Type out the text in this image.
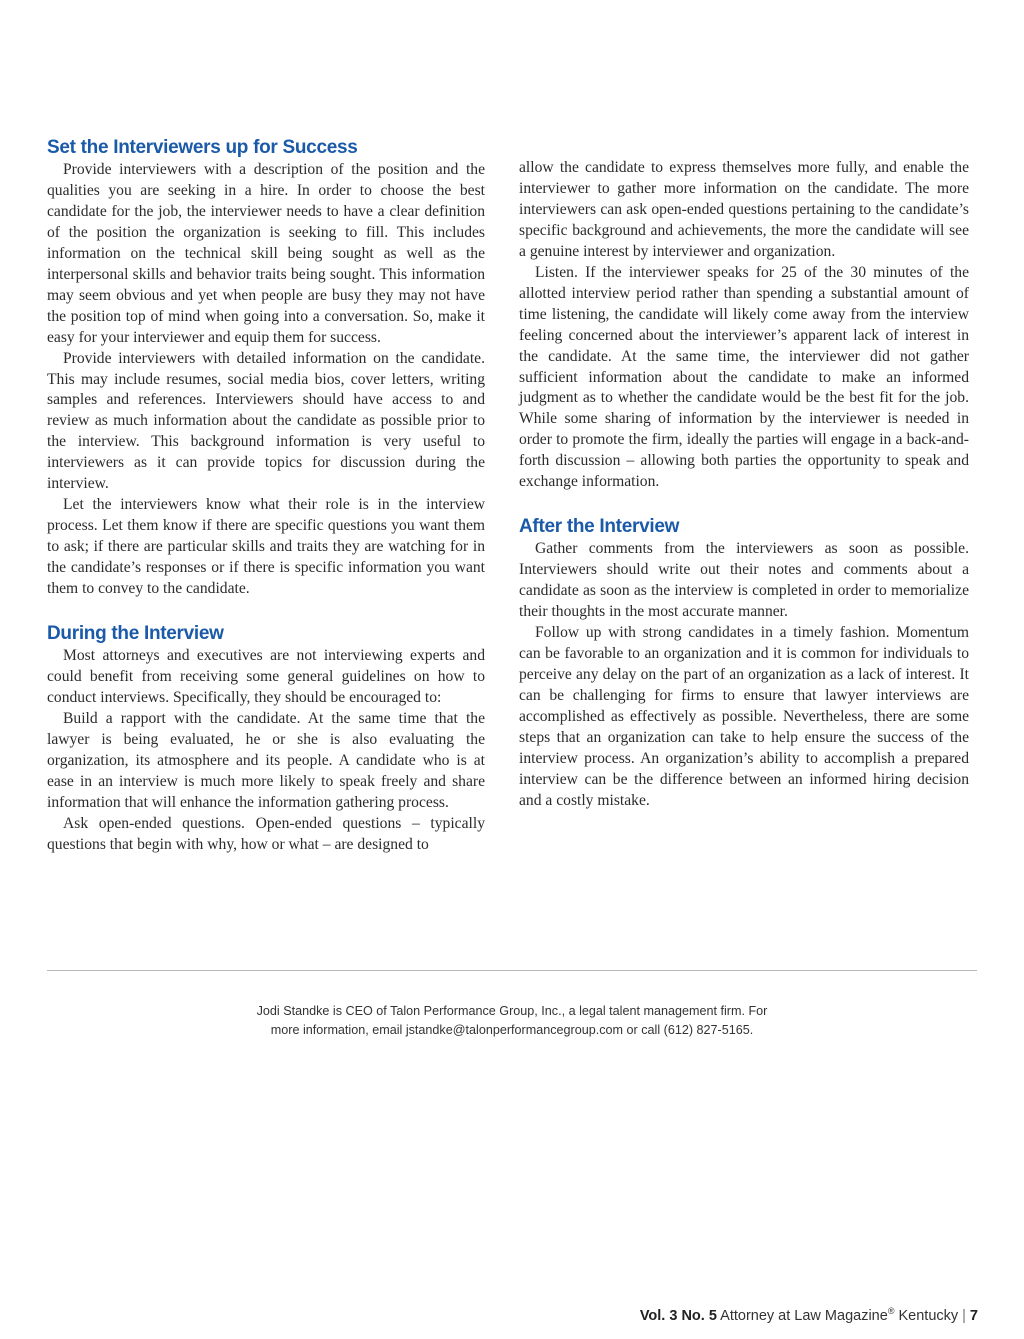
Set the Interviewers up for Success

Provide interviewers with a description of the position and the qualities you are seeking in a hire. In order to choose the best candidate for the job, the interviewer needs to have a clear definition of the position the organization is seeking to fill. This includes information on the technical skill being sought as well as the interpersonal skills and behavior traits being sought. This information may seem obvious and yet when people are busy they may not have the position top of mind when going into a conversation. So, make it easy for your interviewer and equip them for success.

Provide interviewers with detailed information on the candidate. This may include resumes, social media bios, cover letters, writing samples and references. Interviewers should have access to and review as much information about the candidate as possible prior to the interview. This background information is very useful to interviewers as it can provide topics for discussion during the interview.

Let the interviewers know what their role is in the interview process. Let them know if there are specific questions you want them to ask; if there are particular skills and traits they are watching for in the candidate’s responses or if there is specific information you want them to convey to the candidate.

During the Interview

Most attorneys and executives are not interviewing experts and could benefit from receiving some general guidelines on how to conduct interviews. Specifically, they should be encouraged to:

Build a rapport with the candidate. At the same time that the lawyer is being evaluated, he or she is also evaluating the organization, its atmosphere and its people. A candidate who is at ease in an interview is much more likely to speak freely and share information that will enhance the information gathering process.

Ask open-ended questions. Open-ended questions – typically questions that begin with why, how or what – are designed to

allow the candidate to express themselves more fully, and enable the interviewer to gather more information on the candidate. The more interviewers can ask open-ended questions pertaining to the candidate’s specific background and achievements, the more the candidate will see a genuine interest by interviewer and organization.

Listen. If the interviewer speaks for 25 of the 30 minutes of the allotted interview period rather than spending a substantial amount of time listening, the candidate will likely come away from the interview feeling concerned about the interviewer’s apparent lack of interest in the candidate. At the same time, the interviewer did not gather sufficient information about the candidate to make an informed judgment as to whether the candidate would be the best fit for the job. While some sharing of information by the interviewer is needed in order to promote the firm, ideally the parties will engage in a back-and-forth discussion – allowing both parties the opportunity to speak and exchange information.

After the Interview

Gather comments from the interviewers as soon as possible. Interviewers should write out their notes and comments about a candidate as soon as the interview is completed in order to memorialize their thoughts in the most accurate manner.

Follow up with strong candidates in a timely fashion. Momentum can be favorable to an organization and it is common for individuals to perceive any delay on the part of an organization as a lack of interest. It can be challenging for firms to ensure that lawyer interviews are accomplished as effectively as possible. Nevertheless, there are some steps that an organization can take to help ensure the success of the interview process. An organization’s ability to accomplish a prepared interview can be the difference between an informed hiring decision and a costly mistake.

Jodi Standke is CEO of Talon Performance Group, Inc., a legal talent management firm. For
more information, email jstandke@talonperformancegroup.com or call (612) 827-5165.
Vol. 3 No. 5 Attorney at Law Magazine® Kentucky | 7
